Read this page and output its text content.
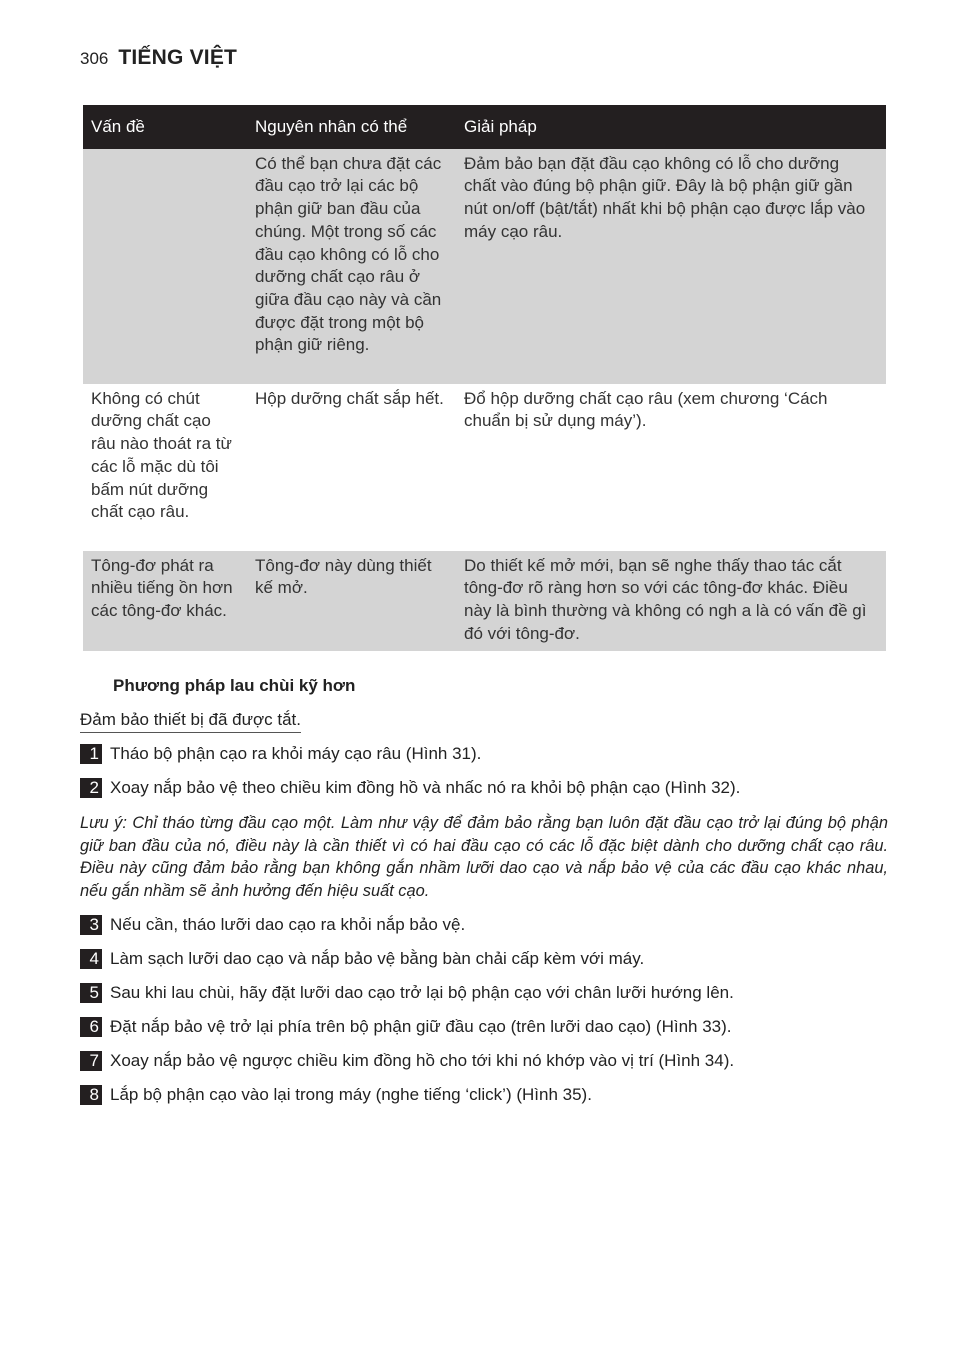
306 TIẾNG VIỆT
Vấn đề	Nguyên nhân có thể	Giải pháp
	Có thể bạn chưa đặt các đầu cạo trở lại các bộ phận giữ ban đầu của chúng. Một trong số các đầu cạo không có lỗ cho dưỡng chất cạo râu ở giữa đầu cạo này và cần được đặt trong một bộ phận giữ riêng.	Đảm bảo bạn đặt đầu cạo không có lỗ cho dưỡng chất vào đúng bộ phận giữ. Đây là bộ phận giữ gần nút on/off (bật/tắt) nhất khi bộ phận cạo được lắp vào máy cạo râu.
Không có chút dưỡng chất cạo râu nào thoát ra từ các lỗ mặc dù tôi bấm nút dưỡng chất cạo râu.	Hộp dưỡng chất sắp hết.	Đổ hộp dưỡng chất cạo râu (xem chương ‘Cách chuẩn bị sử dụng máy’).
Tông-đơ phát ra nhiều tiếng ồn hơn các tông-đơ khác.	Tông-đơ này dùng thiết kế mở.	Do thiết kế mở mới, bạn sẽ nghe thấy thao tác cắt tông-đơ rõ ràng hơn so với các tông-đơ khác. Điều này là bình thường và không có ngh a là có vấn đề gì đó với tông-đơ.
Phương pháp lau chùi kỹ hơn
Đảm bảo thiết bị đã được tắt.
1 Tháo bộ phận cạo ra khỏi máy cạo râu (Hình 31).
2 Xoay nắp bảo vệ theo chiều kim đồng hồ và nhấc nó ra khỏi bộ phận cạo (Hình 32).
Lưu ý: Chỉ tháo từng đầu cạo một. Làm như vậy để đảm bảo rằng bạn luôn đặt đầu cạo trở lại đúng bộ phận giữ ban đầu của nó, điều này là cần thiết vì có hai đầu cạo có các lỗ đặc biệt dành cho dưỡng chất cạo râu. Điều này cũng đảm bảo rằng bạn không gắn nhầm lưỡi dao cạo và nắp bảo vệ của các đầu cạo khác nhau, nếu gắn nhầm sẽ ảnh hưởng đến hiệu suất cạo.
3 Nếu cần, tháo lưỡi dao cạo ra khỏi nắp bảo vệ.
4 Làm sạch lưỡi dao cạo và nắp bảo vệ bằng bàn chải cấp kèm với máy.
5 Sau khi lau chùi, hãy đặt lưỡi dao cạo trở lại bộ phận cạo với chân lưỡi hướng lên.
6 Đặt nắp bảo vệ trở lại phía trên bộ phận giữ đầu cạo (trên lưỡi dao cạo) (Hình 33).
7 Xoay nắp bảo vệ ngược chiều kim đồng hồ cho tới khi nó khớp vào vị trí (Hình 34).
8 Lắp bộ phận cạo vào lại trong máy (nghe tiếng ‘click’) (Hình 35).
